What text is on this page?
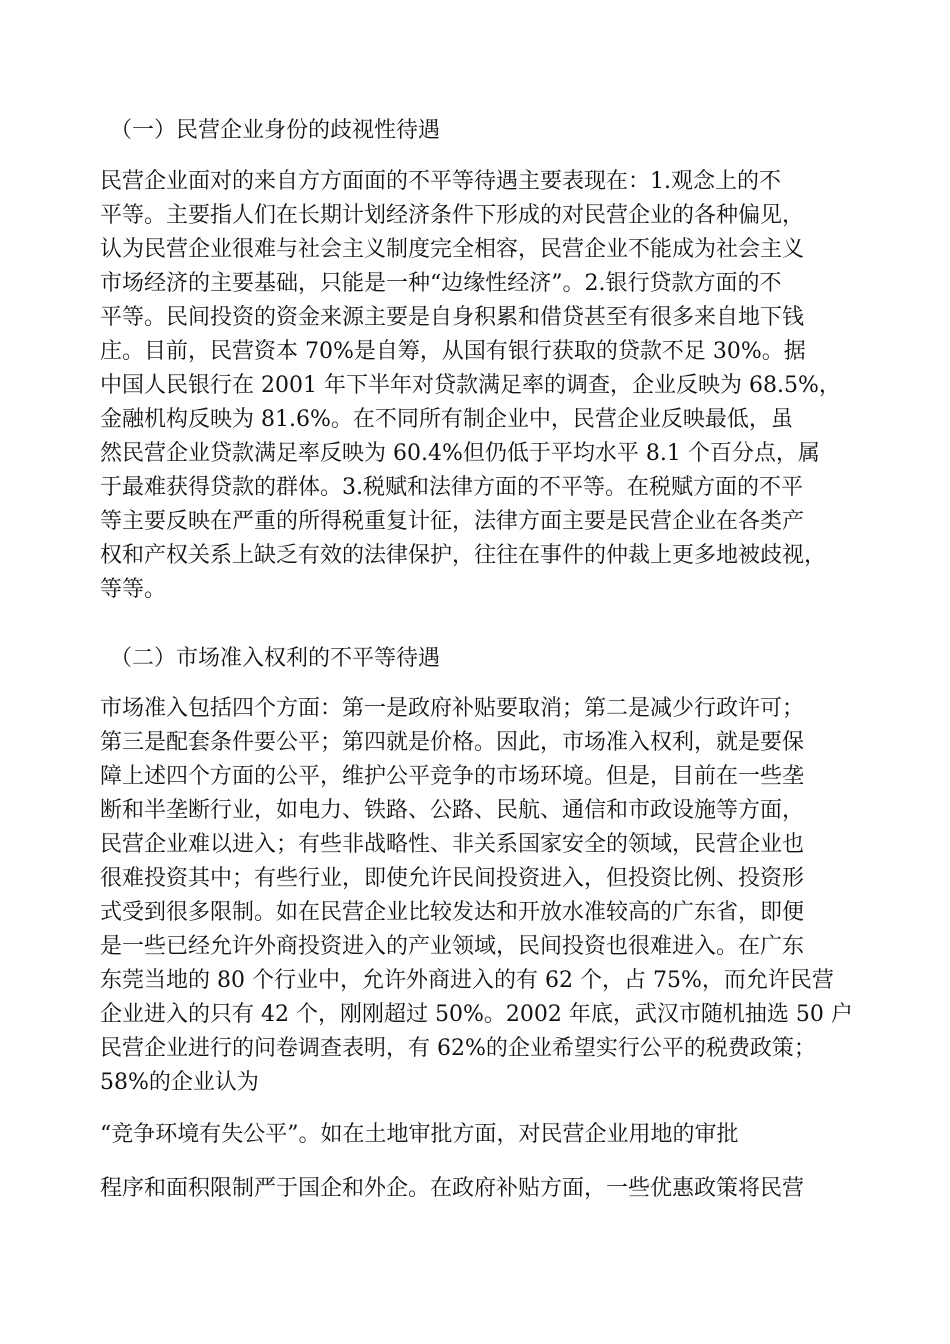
（一）民营企业身份的歧视性待遇
民营企业面对的来自方方面面的不平等待遇主要表现在：1.观念上的不
平等。主要指人们在长期计划经济条件下形成的对民营企业的各种偏见，
认为民营企业很难与社会主义制度完全相容，民营企业不能成为社会主义
市场经济的主要基础，只能是一种“边缘性经济”。2.银行贷款方面的不
平等。民间投资的资金来源主要是自身积累和借贷甚至有很多来自地下钱
庄。目前，民营资本 70%是自筹，从国有银行获取的贷款不足 30%。据
中国人民银行在 2001 年下半年对贷款满足率的调查，企业反映为 68.5%，
金融机构反映为 81.6%。在不同所有制企业中，民营企业反映最低，虽
然民营企业贷款满足率反映为 60.4%但仍低于平均水平 8.1 个百分点，属
于最难获得贷款的群体。3.税赋和法律方面的不平等。在税赋方面的不平
等主要反映在严重的所得税重复计征，法律方面主要是民营企业在各类产
权和产权关系上缺乏有效的法律保护，往往在事件的仲裁上更多地被歧视，
等等。
（二）市场准入权利的不平等待遇
市场准入包括四个方面：第一是政府补贴要取消；第二是减少行政许可；
第三是配套条件要公平；第四就是价格。因此，市场准入权利，就是要保
障上述四个方面的公平，维护公平竞争的市场环境。但是，目前在一些垄
断和半垄断行业，如电力、铁路、公路、民航、通信和市政设施等方面，
民营企业难以进入；有些非战略性、非关系国家安全的领域，民营企业也
很难投资其中；有些行业，即使允许民间投资进入，但投资比例、投资形
式受到很多限制。如在民营企业比较发达和开放水准较高的广东省，即便
是一些已经允许外商投资进入的产业领域，民间投资也很难进入。在广东
东莞当地的 80 个行业中，允许外商进入的有 62 个，占 75%，而允许民营
企业进入的只有 42 个，刚刚超过 50%。2002 年底，武汉市随机抽选 50 户
民营企业进行的问卷调查表明，有 62%的企业希望实行公平的税费政策；
58%的企业认为
“竞争环境有失公平”。如在土地审批方面，对民营企业用地的审批
程序和面积限制严于国企和外企。在政府补贴方面，一些优惠政策将民营
